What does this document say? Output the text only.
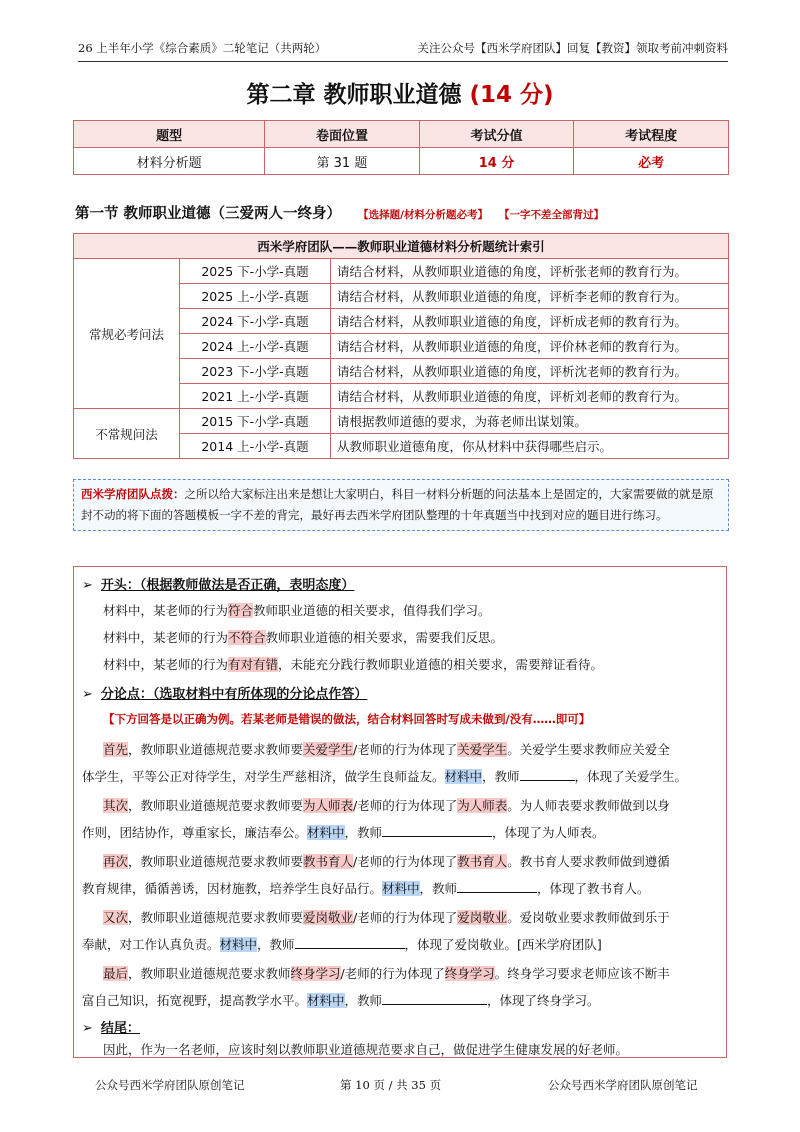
26 上半年小学《综合素质》二轮笔记（共两轮）	关注公众号【西米学府团队】回复【教资】领取考前冲刺资料
第二章 教师职业道德 (14 分)
题型	卷面位置	考试分值	考试程度
材料分析题	第 31 题	14 分	必考
第一节 教师职业道德（三爱两人一终身） 【选择题/材料分析题必考】 【一字不差全部背过】
西米学府团队——教师职业道德材料分析题统计索引		
常规必考问法	2025 下-小学-真题	请结合材料，从教师职业道德的角度，评析张老师的教育行为。
	2025 上-小学-真题	请结合材料，从教师职业道德的角度，评析李老师的教育行为。
	2024 下-小学-真题	请结合材料，从教师职业道德的角度，评析成老师的教育行为。
	2024 上-小学-真题	请结合材料，从教师职业道德的角度，评价林老师的教育行为。
	2023 下-小学-真题	请结合材料，从教师职业道德的角度，评析沈老师的教育行为。
	2021 上-小学-真题	请结合材料，从教师职业道德的角度，评析刘老师的教育行为。
不常规问法	2015 下-小学-真题	请根据教师道德的要求，为蒋老师出谋划策。
	2014 上-小学-真题	从教师职业道德角度，你从材料中获得哪些启示。
西米学府团队点拨：之所以给大家标注出来是想让大家明白，科目一材料分析题的问法基本上是固定的，大家需要做的就是原封不动的将下面的答题模板一字不差的背完，最好再去西米学府团队整理的十年真题当中找到对应的题目进行练习。
➢ 开头：（根据教师做法是否正确，表明态度）
材料中，某老师的行为符合教师职业道德的相关要求，值得我们学习。
材料中，某老师的行为不符合教师职业道德的相关要求，需要我们反思。
材料中，某老师的行为有对有错，未能充分践行教师职业道德的相关要求，需要辩证看待。
➢ 分论点：（选取材料中有所体现的分论点作答）
【下方回答是以正确为例。若某老师是错误的做法，结合材料回答时写成未做到/没有……即可】
首先，教师职业道德规范要求教师要关爱学生/老师的行为体现了关爱学生。关爱学生要求教师应关爱全
体学生，平等公正对待学生，对学生严慈相济，做学生良师益友。材料中，教师	，体现了关爱学生。
其次，教师职业道德规范要求教师要为人师表/老师的行为体现了为人师表。为人师表要求教师做到以身
作则，团结协作，尊重家长，廉洁奉公。材料中，教师	，体现了为人师表。
再次，教师职业道德规范要求教师要教书育人/老师的行为体现了教书育人。教书育人要求教师做到遵循
教育规律，循循善诱，因材施教，培养学生良好品行。材料中，教师	，体现了教书育人。
又次，教师职业道德规范要求教师要爱岗敬业/老师的行为体现了爱岗敬业。爱岗敬业要求教师做到乐于
奉献，对工作认真负责。材料中，教师	，体现了爱岗敬业。[西米学府团队]
最后，教师职业道德规范要求教师终身学习/老师的行为体现了终身学习。终身学习要求老师应该不断丰
富自己知识，拓宽视野，提高教学水平。材料中，教师	，体现了终身学习。
➢ 结尾：
因此，作为一名老师，应该时刻以教师职业道德规范要求自己，做促进学生健康发展的好老师。
公众号西米学府团队原创笔记	第 10 页 / 共 35 页	公众号西米学府团队原创笔记
